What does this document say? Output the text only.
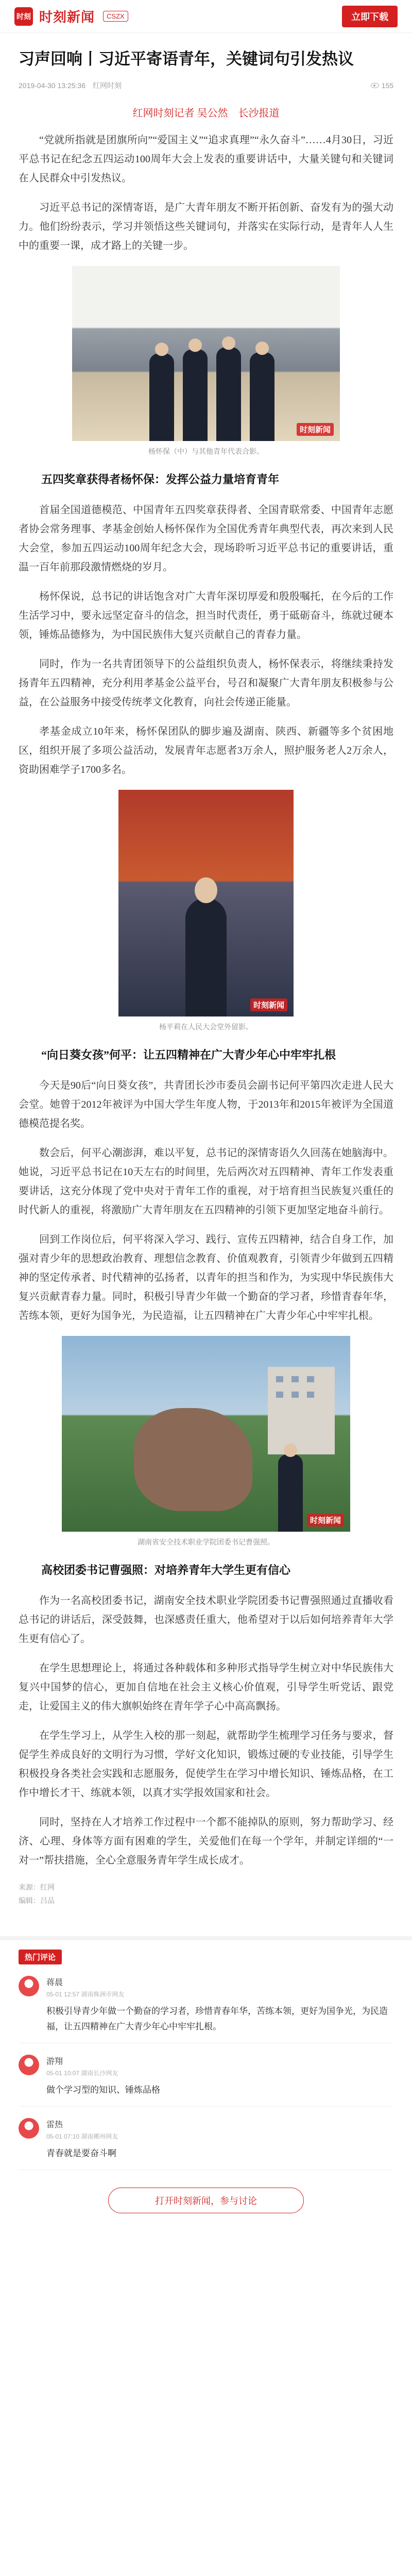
时刻 时刻新闻	CSZX	立即下载
习声回响丨习近平寄语青年，关键词句引发热议
2019-04-30 13:25:36 红网时刻	155

红网时刻记者 吴公然　长沙报道

“党就所指就是团旗所向”“爱国主义”“追求真理”“永久奋斗”……4月30日，习近平总书记在纪念五四运动100周年大会上发表的重要讲话中，大量关键句和关键词在人民群众中引发热议。

习近平总书记的深情寄语，是广大青年朋友不断开拓创新、奋发有为的强大动力。他们纷纷表示，学习并领悟这些关键词句，并落实在实际行动，是青年人人生中的重要一课，成才路上的关键一步。

时刻新闻
杨怀保（中）与其他青年代表合影。
五四奖章获得者杨怀保：发挥公益力量培育青年

首届全国道德模范、中国青年五四奖章获得者、全国青联常委、中国青年志愿者协会常务理事、孝基金创始人杨怀保作为全国优秀青年典型代表，再次来到人民大会堂，参加五四运动100周年纪念大会，现场聆听习近平总书记的重要讲话，重温一百年前那段激情燃烧的岁月。

杨怀保说，总书记的讲话饱含对广大青年深切厚爱和殷殷嘱托，在今后的工作生活学习中，要永远坚定奋斗的信念，担当时代责任，勇于砥砺奋斗，练就过硬本领，锤炼品德修为，为中国民族伟大复兴贡献自己的青春力量。

同时，作为一名共青团领导下的公益组织负责人，杨怀保表示，将继续秉持发扬青年五四精神，充分利用孝基金公益平台，号召和凝聚广大青年朋友积极参与公益，在公益服务中接受传统孝文化教育，向社会传递正能量。

孝基金成立10年来，杨怀保团队的脚步遍及湖南、陕西、新疆等多个贫困地区，组织开展了多项公益活动，发展青年志愿者3万余人，照护服务老人2万余人，资助困难学子1700多名。

时刻新闻
杨平莉在人民大会堂外留影。
“向日葵女孩”何平：让五四精神在广大青少年心中牢牢扎根

今天是90后“向日葵女孩”，共青团长沙市委员会副书记何平第四次走进人民大会堂。她曾于2012年被评为中国大学生年度人物，于2013年和2015年被评为全国道德模范提名奖。

数会后，何平心潮澎湃，难以平复，总书记的深情寄语久久回荡在她脑海中。她说，习近平总书记在10天左右的时间里，先后两次对五四精神、青年工作发表重要讲话，这充分体现了党中央对于青年工作的重视，对于培育担当民族复兴重任的时代新人的重视，将激励广大青年朋友在五四精神的引领下更加坚定地奋斗前行。

回到工作岗位后，何平将深入学习、践行、宣传五四精神，结合自身工作，加强对青少年的思想政治教育、理想信念教育、价值观教育，引领青少年做到五四精神的坚定传承者、时代精神的弘扬者，以青年的担当和作为，为实现中华民族伟大复兴贡献青春力量。同时，积极引导青少年做一个勤奋的学习者，珍惜青春年华，苦练本领，更好为国争光，为民造福，让五四精神在广大青少年心中牢牢扎根。

时刻新闻
湖南省安全技术职业学院团委书记曹强照。
高校团委书记曹强照：对培养青年大学生更有信心

作为一名高校团委书记，湖南安全技术职业学院团委书记曹强照通过直播收看总书记的讲话后，深受鼓舞，也深感责任重大，他希望对于以后如何培养青年大学生更有信心了。

在学生思想理论上，将通过各种载体和多种形式指导学生树立对中华民族伟大复兴中国梦的信心，更加自信地在社会主义核心价值观，引导学生听党话、跟党走，让爱国主义的伟大旗帜始终在青年学子心中高高飘扬。

在学生学习上，从学生入校的那一刻起，就帮助学生梳理学习任务与要求，督促学生养成良好的文明行为习惯，学好文化知识，锻炼过硬的专业技能，引导学生积极投身各类社会实践和志愿服务，促使学生在学习中增长知识、锤炼品格，在工作中增长才干、练就本领，以真才实学报效国家和社会。

同时，坚持在人才培养工作过程中一个都不能掉队的原则，努力帮助学习、经济、心理、身体等方面有困难的学生，关爱他们在每一个学年，并制定详细的“一对一”帮扶措施，全心全意服务青年学生成长成才。

来源：红网
编辑：吕品
热门评论
蒋晨
05-01 12:57 湖南株洲市网友
积极引导青少年做一个勤奋的学习者，珍惜青春年华，苦练本领，更好为国争光，为民造福，让五四精神在广大青少年心中牢牢扎根。
游翔
05-01 10:07 湖南长沙网友
做个学习型的知识、锤炼品格
雷热
05-01 07:10 湖南郴州网友
青春就是要奋斗啊
打开时刻新闻，参与讨论
